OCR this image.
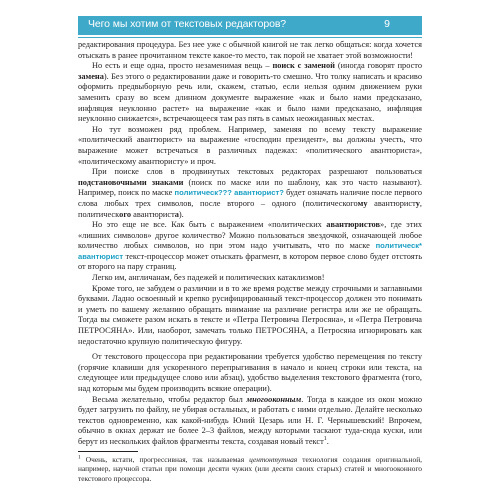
Чего мы хотим от текстовых редакторов?	9

редактирования процедура. Без нее уже с обычной книгой не так легко общаться: когда хочется отыскать в ранее прочитанном тексте какое-то место, так порой не хватает этой возможности!

Но есть и еще одна, просто незаменимая вещь – поиск с заменой (иногда говорят просто замена). Без этого о редактировании даже и говорить-то смешно. Что толку написать и красиво оформить предвыборную речь или, скажем, статью, если нельзя одним движением руки заменить сразу во всем длинном документе выражение «как и было нами предсказано, инфляция неуклонно растет» на выражение «как и было нами предсказано, инфляция неуклонно снижается», встречающееся там раз пять в самых неожиданных местах.

Но тут возможен ряд проблем. Например, заменяя по всему тексту выражение «политический авантюрист» на выражение «господин президент», вы должны учесть, что выражение может встречаться в различных падежах: «политического авантюриста», «политическому авантюристу» и проч.

При поиске слов в продвинутых текстовых редакторах разрешают пользоваться подстановочными знаками (поиск по маске или по шаблону, как это часто называют). Например, поиск по маске политическ??? авантюрист? будет означать наличие после первого слова любых трех символов, после второго – одного (политическогому авантюристу, политического авантюриста).

Но это еще не все. Как быть с выражением «политических авантюристов», где этих «лишних символов» другое количество? Можно пользоваться звездочкой, означающей любое количество любых символов, но при этом надо учитывать, что по маске политическ* авантюрист текст-процессор может отыскать фрагмент, в котором первое слово будет отстоять от второго на пару страниц.

Легко им, англичанам, без падежей и политических катаклизмов!

Кроме того, не забудем о различии и в то же время родстве между строчными и заглавными буквами. Ладно освоенный и крепко русифицированный текст-процессор должен это понимать и уметь по вашему желанию обращать внимание на различие регистра или же не обращать. Тогда вы сможете разом искать в тексте и «Петра Петровича Петросяна», и «Петра Петровича ПЕТРОСЯНА». Или, наоборот, замечать только ПЕТРОСЯНА, а Петросяна игнорировать как недостаточно крупную политическую фигуру.

От текстового процессора при редактировании требуется удобство перемещения по тексту (горячие клавиши для ускоренного перепрыгивания в начало и конец строки или текста, на следующее или предыдущее слово или абзац), удобство выделения текстового фрагмента (того, над которым мы будем производить всякие операции).

Весьма желательно, чтобы редактор был многооконным. Тогда в каждое из окон можно будет загрузить по файлу, не убирая остальных, и работать с ними отдельно. Делайте несколько текстов одновременно, как какой-нибудь Юний Цезарь или Н. Г. Чернышевский! Впрочем, обычно в окнах держат не более 2–3 файлов, между которыми таскают туда-сюда куски, или берут из нескольких файлов фрагменты текста, создавая новый текст$^1$.

$^1$ Очень, кстати, прогрессивная, так называемая центонтутная технология создания оригинальной, например, научной статьи при помощи десяти чужих (или десяти своих старых) статей и многооконного текстового процессора.
